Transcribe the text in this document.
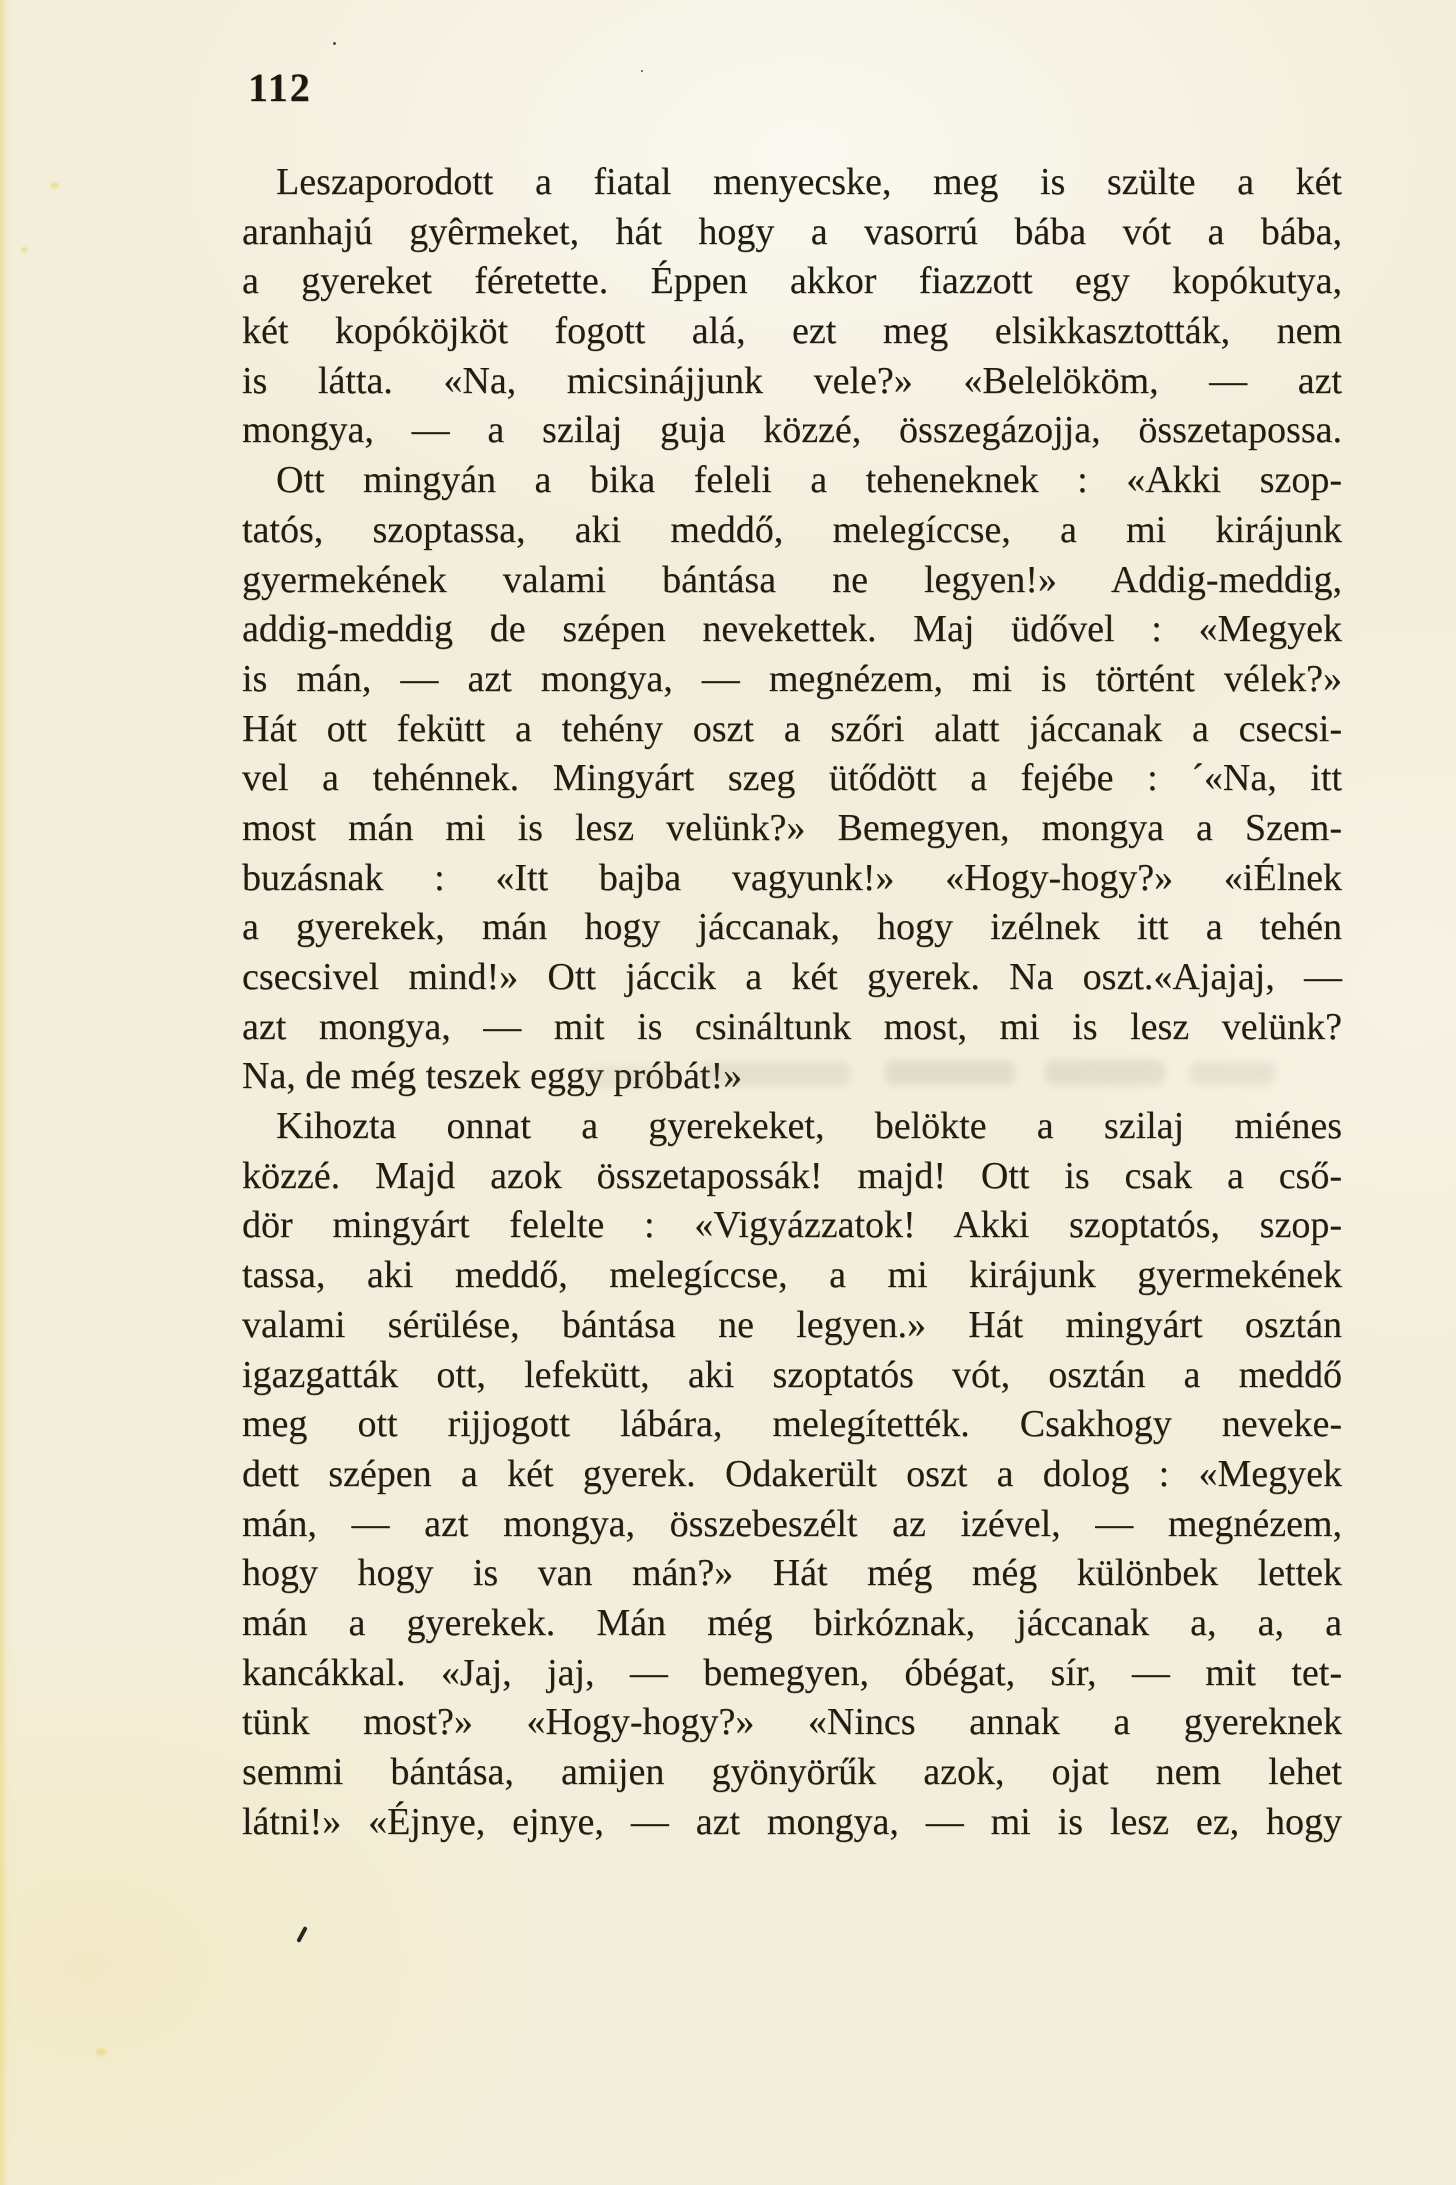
112
Leszaporodott a fiatal menyecske, meg is szülte a két
aranhajú gyêrmeket, hát hogy a vasorrú bába vót a bába,
a gyereket féretette. Éppen akkor fiazzott egy kopókutya,
két kopóköjköt fogott alá, ezt meg elsikkasztották, nem
is látta. «Na, micsinájjunk vele?» «Belelököm, — azt
mongya, — a szilaj guja közzé, összegázojja, összetapossa.
Ott mingyán a bika feleli a teheneknek : «Akki szop-
tatós, szoptassa, aki meddő, melegíccse, a mi kirájunk
gyermekének valami bántása ne legyen!» Addig-meddig,
addig-meddig de szépen nevekettek. Maj üdővel : «Megyek
is mán, — azt mongya, — megnézem, mi is történt vélek?»
Hát ott fekütt a tehény oszt a szőri alatt jáccanak a csecsi-
vel a tehénnek. Mingyárt szeg ütődött a fejébe : ´«Na, itt
most mán mi is lesz velünk?» Bemegyen, mongya a Szem-
buzásnak : «Itt bajba vagyunk!» «Hogy-hogy?» «iÉlnek
a gyerekek, mán hogy jáccanak, hogy izélnek itt a tehén
csecsivel mind!» Ott jáccik a két gyerek. Na oszt.«Ajajaj, —
azt mongya, — mit is csináltunk most, mi is lesz velünk?
Na, de még teszek eggy próbát!»
Kihozta onnat a gyerekeket, belökte a szilaj miénes
közzé. Majd azok összetapossák! majd! Ott is csak a cső-
dör mingyárt felelte : «Vigyázzatok! Akki szoptatós, szop-
tassa, aki meddő, melegíccse, a mi kirájunk gyermekének
valami sérülése, bántása ne legyen.» Hát mingyárt osztán
igazgatták ott, lefekütt, aki szoptatós vót, osztán a meddő
meg ott rijjogott lábára, melegítették. Csakhogy neveke-
dett szépen a két gyerek. Odakerült oszt a dolog : «Megyek
mán, — azt mongya, összebeszélt az izével, — megnézem,
hogy hogy is van mán?» Hát még még különbek lettek
mán a gyerekek. Mán még birkóznak, jáccanak a, a, a
kancákkal. «Jaj, jaj, — bemegyen, óbégat, sír, — mit tet-
tünk most?» «Hogy-hogy?» «Nincs annak a gyereknek
semmi bántása, amijen gyönyörűk azok, ojat nem lehet
látni!» «Éjnye, ejnye, — azt mongya, — mi is lesz ez, hogy
